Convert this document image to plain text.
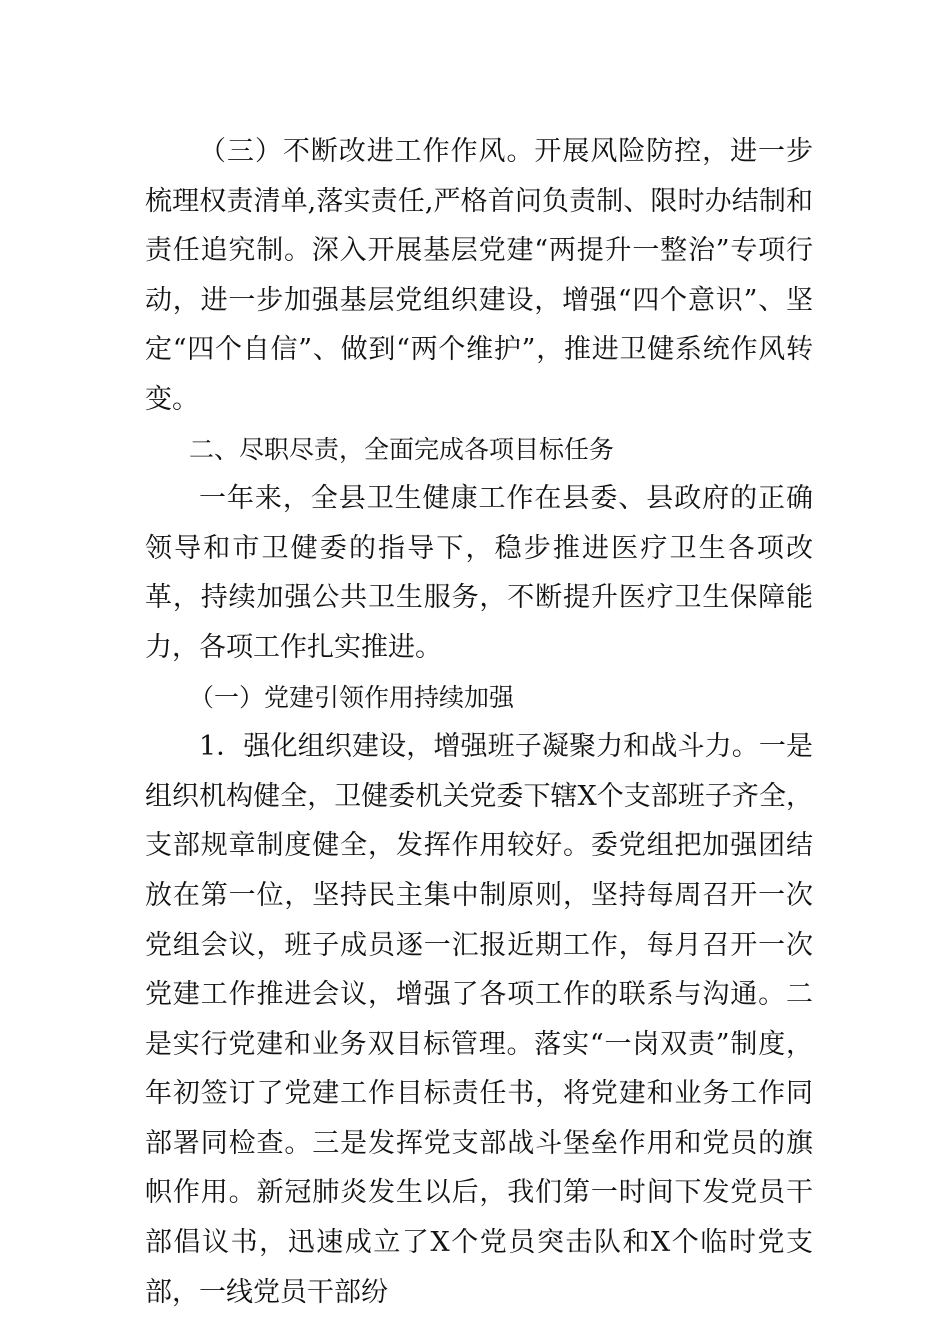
（三）不断改进工作作风。开展风险防控，进一步梳理权责清单,落实责任,严格首问负责制、限时办结制和责任追究制。深入开展基层党建“两提升一整治”专项行动，进一步加强基层党组织建设，增强“四个意识”、坚定“四个自信”、做到“两个维护”，推进卫健系统作风转变。

二、尽职尽责，全面完成各项目标任务

一年来，全县卫生健康工作在县委、县政府的正确领导和市卫健委的指导下，稳步推进医疗卫生各项改革，持续加强公共卫生服务，不断提升医疗卫生保障能力，各项工作扎实推进。

（一）党建引领作用持续加强

1．强化组织建设，增强班子凝聚力和战斗力。一是组织机构健全，卫健委机关党委下辖X个支部班子齐全，支部规章制度健全，发挥作用较好。委党组把加强团结放在第一位，坚持民主集中制原则，坚持每周召开一次党组会议，班子成员逐一汇报近期工作，每月召开一次党建工作推进会议，增强了各项工作的联系与沟通。二是实行党建和业务双目标管理。落实“一岗双责”制度，年初签订了党建工作目标责任书，将党建和业务工作同部署同检查。三是发挥党支部战斗堡垒作用和党员的旗帜作用。新冠肺炎发生以后，我们第一时间下发党员干部倡议书，迅速成立了X个党员突击队和X个临时党支部，一线党员干部纷
